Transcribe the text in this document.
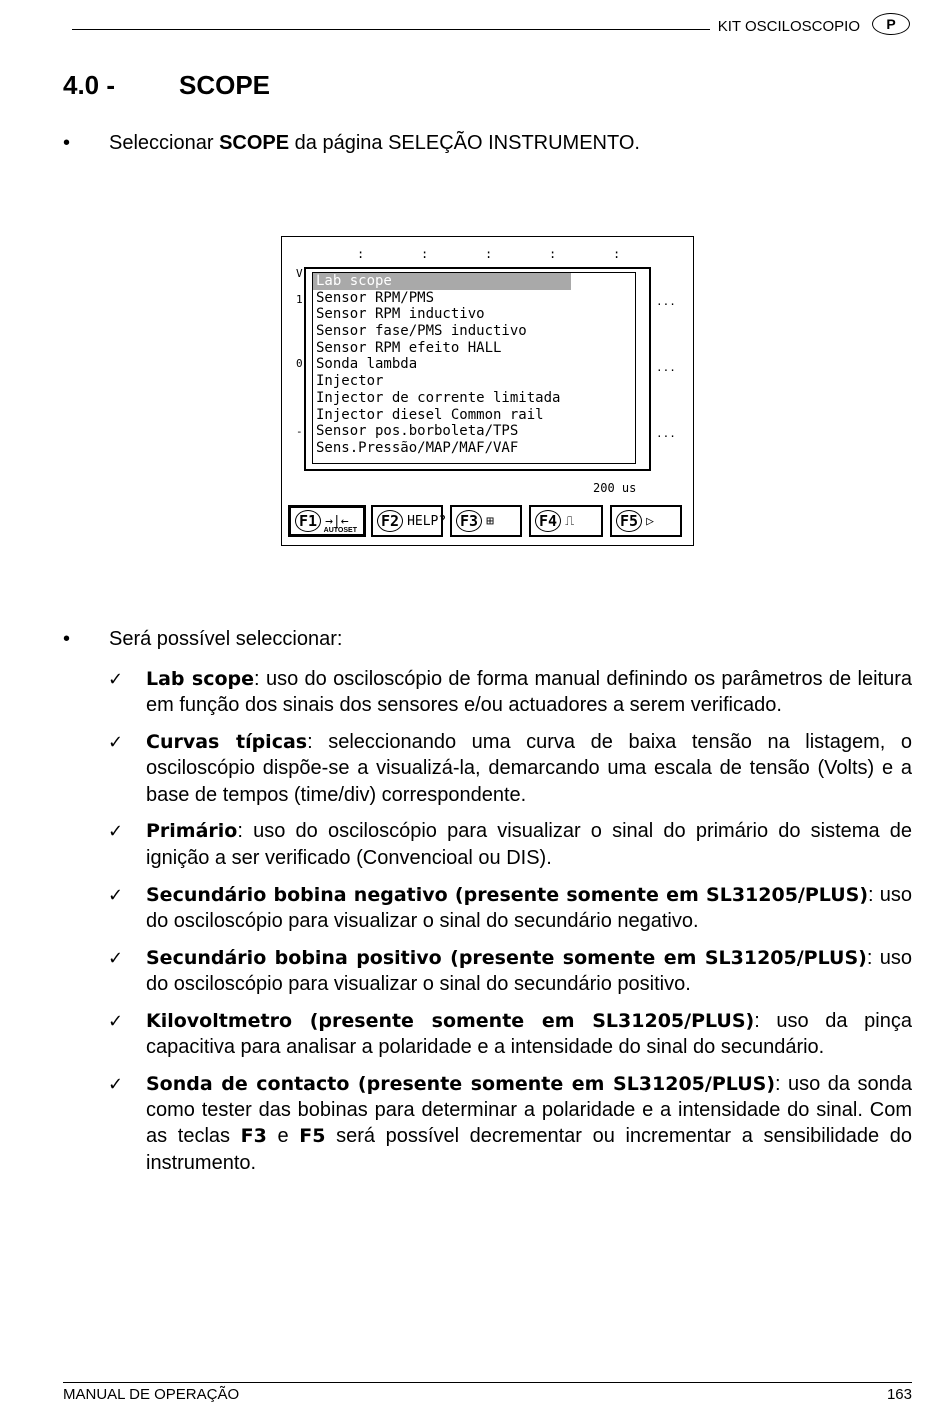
KIT OSCILOSCOPIO	P
4.0 - SCOPE
• Seleccionar SCOPE da página SELEÇÃO INSTRUMENTO.
:	:	:	:	:
V
1
0
-
...
...
...
Lab scope
Sensor RPM/PMS
Sensor RPM inductivo
Sensor fase/PMS inductivo
Sensor RPM efeito HALL
Sonda lambda
Injector
Injector de corrente limitada
Injector diesel Common rail
Sensor pos.borboleta/TPS
Sens.Pressão/MAP/MAF/VAF
200 us
F1 →|←
AUTOSET
F2 HELP? F3 ⊞	F4 ⎍	F5 ▷
• Será possível seleccionar:
✓ Lab scope: uso do osciloscópio de forma manual definindo os parâmetros de leitura em função dos sinais dos sensores e/ou actuadores a serem verificado.
✓ Curvas típicas: seleccionando uma curva de baixa tensão na listagem, o osciloscópio dispõe-se a visualizá-la, demarcando uma escala de tensão (Volts) e a base de tempos (time/div) correspondente.
✓ Primário: uso do osciloscópio para visualizar o sinal do primário do sistema de ignição a ser verificado (Convencioal ou DIS).
✓ Secundário bobina negativo (presente somente em SL31205/PLUS): uso do osciloscópio para visualizar o sinal do secundário negativo.
✓ Secundário bobina positivo (presente somente em SL31205/PLUS): uso do osciloscópio para visualizar o sinal do secundário positivo.
✓ Kilovoltmetro (presente somente em SL31205/PLUS): uso da pinça capacitiva para analisar a polaridade e a intensidade do sinal do secundário.
✓ Sonda de contacto (presente somente em SL31205/PLUS): uso da sonda como tester das bobinas para determinar a polaridade e a intensidade do sinal. Com as teclas F3 e F5 será possível decrementar ou incrementar a sensibilidade do instrumento.
MANUAL DE OPERAÇÃO	163
